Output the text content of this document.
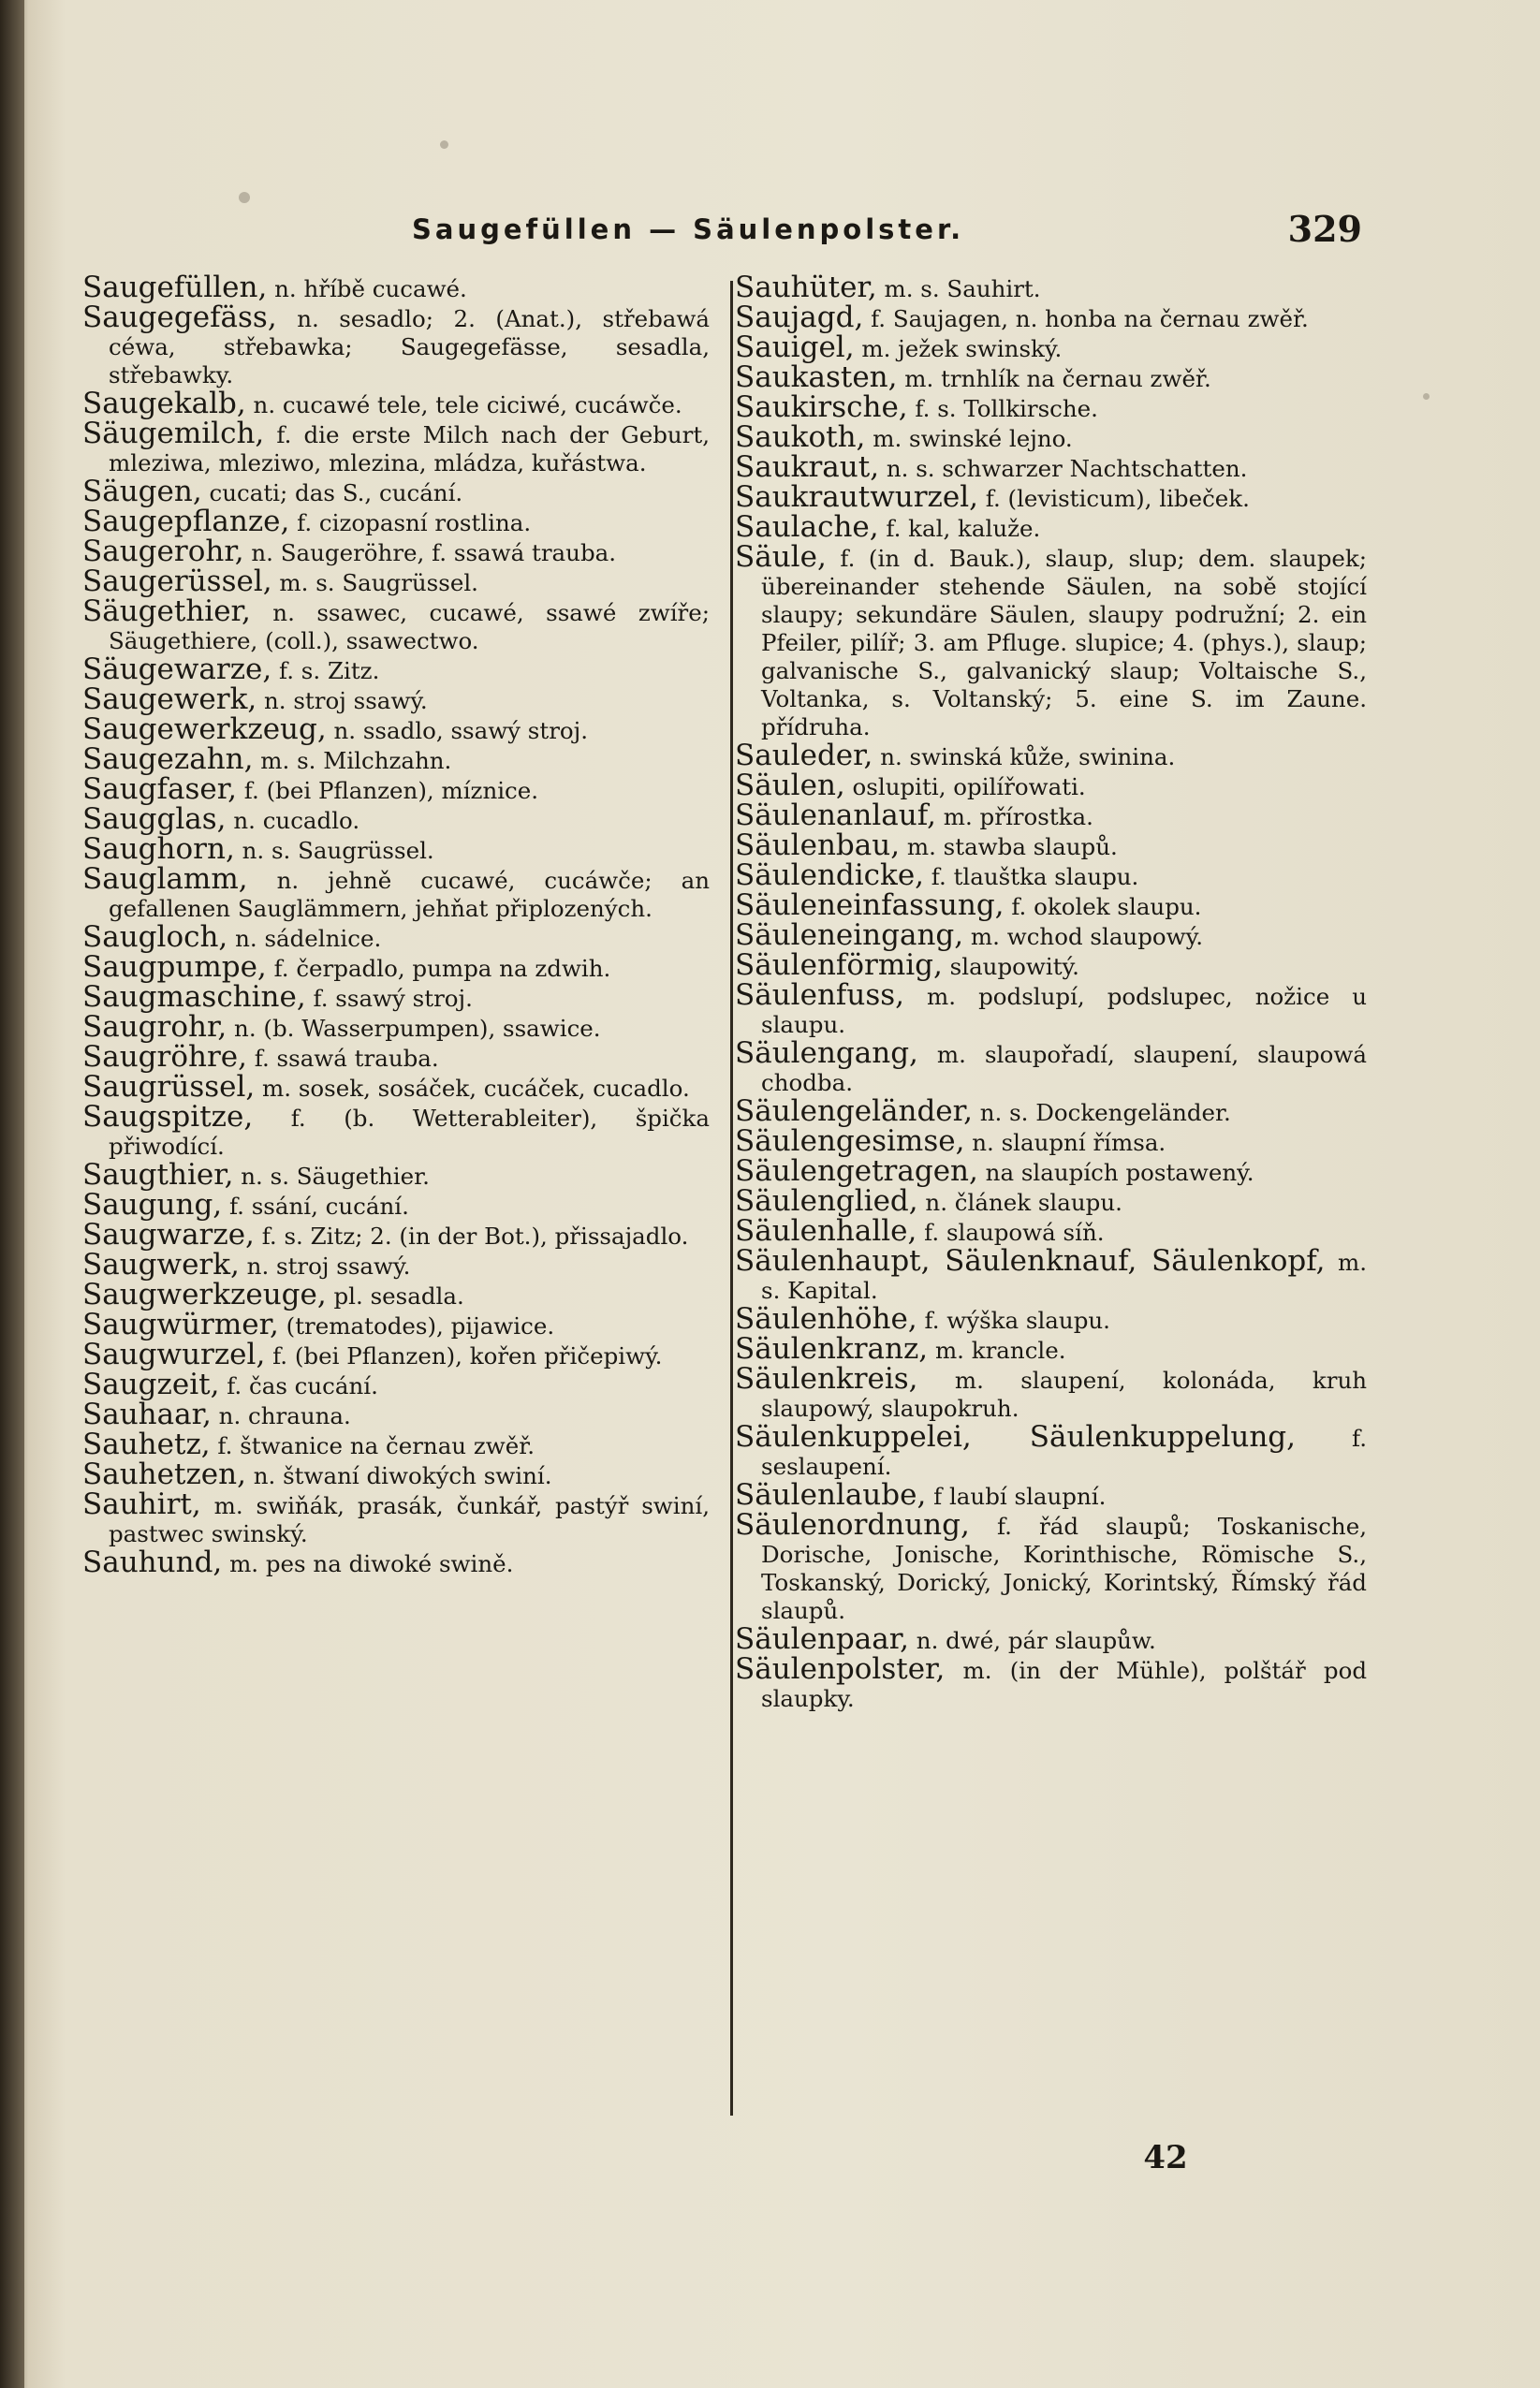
Saugefüllen — Säulenpolster.	329

Saugefüllen, n. hříbě cucawé.

Saugegefäss, n. sesadlo; 2. (Anat.), střebawá céwa, střebawka; Saugegefässe, sesadla, střebawky.

Saugekalb, n. cucawé tele, tele ciciwé, cucáwče.

Säugemilch, f. die erste Milch nach der Geburt, mleziwa, mleziwo, mlezina, mládza, kuřástwa.

Säugen, cucati; das S., cucání.

Saugepflanze, f. cizopasní rostlina.

Saugerohr, n. Saugeröhre, f. ssawá trauba.

Saugerüssel, m. s. Saugrüssel.

Säugethier, n. ssawec, cucawé, ssawé zwíře; Säugethiere, (coll.), ssawectwo.

Säugewarze, f. s. Zitz.

Saugewerk, n. stroj ssawý.

Saugewerkzeug, n. ssadlo, ssawý stroj.

Saugezahn, m. s. Milchzahn.

Saugfaser, f. (bei Pflanzen), míznice.

Saugglas, n. cucadlo.

Saughorn, n. s. Saugrüssel.

Sauglamm, n. jehně cucawé, cucáwče; an gefallenen Sauglämmern, jehňat připlozených.

Saugloch, n. sádelnice.

Saugpumpe, f. čerpadlo, pumpa na zdwih.

Saugmaschine, f. ssawý stroj.

Saugrohr, n. (b. Wasserpumpen), ssawice.

Saugröhre, f. ssawá trauba.

Saugrüssel, m. sosek, sosáček, cucáček, cucadlo.

Saugspitze, f. (b. Wetterableiter), špička přiwodící.

Saugthier, n. s. Säugethier.

Saugung, f. ssání, cucání.

Saugwarze, f. s. Zitz; 2. (in der Bot.), přissajadlo.

Saugwerk, n. stroj ssawý.

Saugwerkzeuge, pl. sesadla.

Saugwürmer, (trematodes), pijawice.

Saugwurzel, f. (bei Pflanzen), kořen přičepiwý.

Saugzeit, f. čas cucání.

Sauhaar, n. chrauna.

Sauhetz, f. štwanice na černau zwěř.

Sauhetzen, n. štwaní diwokých swiní.

Sauhirt, m. swiňák, prasák, čunkář, pastýř swiní, pastwec swinský.

Sauhund, m. pes na diwoké swině.

Sauhüter, m. s. Sauhirt.

Saujagd, f. Saujagen, n. honba na černau zwěř.

Sauigel, m. ježek swinský.

Saukasten, m. trnhlík na černau zwěř.

Saukirsche, f. s. Tollkirsche.

Saukoth, m. swinské lejno.

Saukraut, n. s. schwarzer Nachtschatten.

Saukrautwurzel, f. (levisticum), libeček.

Saulache, f. kal, kaluže.

Säule, f. (in d. Bauk.), slaup, slup; dem. slaupek; übereinander stehende Säulen, na sobě stojící slaupy; sekundäre Säulen, slaupy podružní; 2. ein Pfeiler, pilíř; 3. am Pfluge. slupice; 4. (phys.), slaup; galvanische S., galvanický slaup; Voltaische S., Voltanka, s. Voltanský; 5. eine S. im Zaune. přídruha.

Sauleder, n. swinská kůže, swinina.

Säulen, oslupiti, opilířowati.

Säulenanlauf, m. přírostka.

Säulenbau, m. stawba slaupů.

Säulendicke, f. tlauštka slaupu.

Säuleneinfassung, f. okolek slaupu.

Säuleneingang, m. wchod slaupowý.

Säulenförmig, slaupowitý.

Säulenfuss, m. podslupí, podslupec, nožice u slaupu.

Säulengang, m. slaupořadí, slaupení, slaupowá chodba.

Säulengeländer, n. s. Dockengeländer.

Säulengesimse, n. slaupní římsa.

Säulengetragen, na slaupích postawený.

Säulenglied, n. článek slaupu.

Säulenhalle, f. slaupowá síň.

Säulenhaupt, Säulenknauf, Säulenkopf, m. s. Kapital.

Säulenhöhe, f. wýška slaupu.

Säulenkranz, m. krancle.

Säulenkreis, m. slaupení, kolonáda, kruh slaupowý, slaupokruh.

Säulenkuppelei, Säulenkuppelung, f. seslaupení.

Säulenlaube, f laubí slaupní.

Säulenordnung, f. řád slaupů; Toskanische, Dorische, Jonische, Korinthische, Römische S., Toskanský, Dorický, Jonický, Korintský, Římský řád slaupů.

Säulenpaar, n. dwé, pár slaupůw.

Säulenpolster, m. (in der Mühle), polštář pod slaupky.

42
